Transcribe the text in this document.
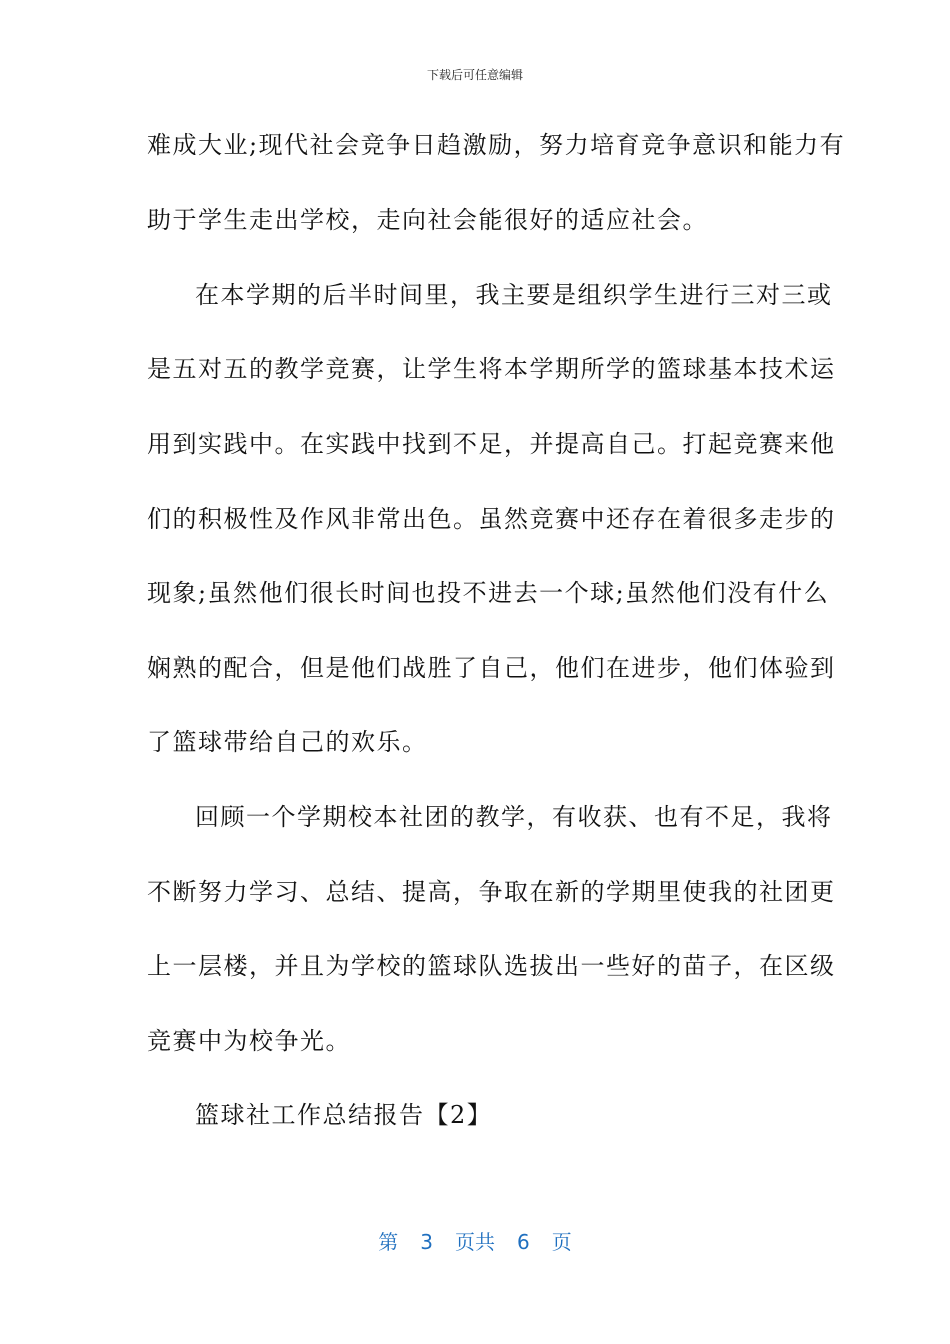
下载后可任意编辑
难成大业;现代社会竞争日趋激励，努力培育竞争意识和能力有
助于学生走出学校，走向社会能很好的适应社会。
在本学期的后半时间里，我主要是组织学生进行三对三或
是五对五的教学竞赛，让学生将本学期所学的篮球基本技术运
用到实践中。在实践中找到不足，并提高自己。打起竞赛来他
们的积极性及作风非常出色。虽然竞赛中还存在着很多走步的
现象;虽然他们很长时间也投不进去一个球;虽然他们没有什么
娴熟的配合，但是他们战胜了自己，他们在进步，他们体验到
了篮球带给自己的欢乐。
回顾一个学期校本社团的教学，有收获、也有不足，我将
不断努力学习、总结、提高，争取在新的学期里使我的社团更
上一层楼，并且为学校的篮球队选拔出一些好的苗子，在区级
竞赛中为校争光。
篮球社工作总结报告【2】
第 3 页共 6 页
